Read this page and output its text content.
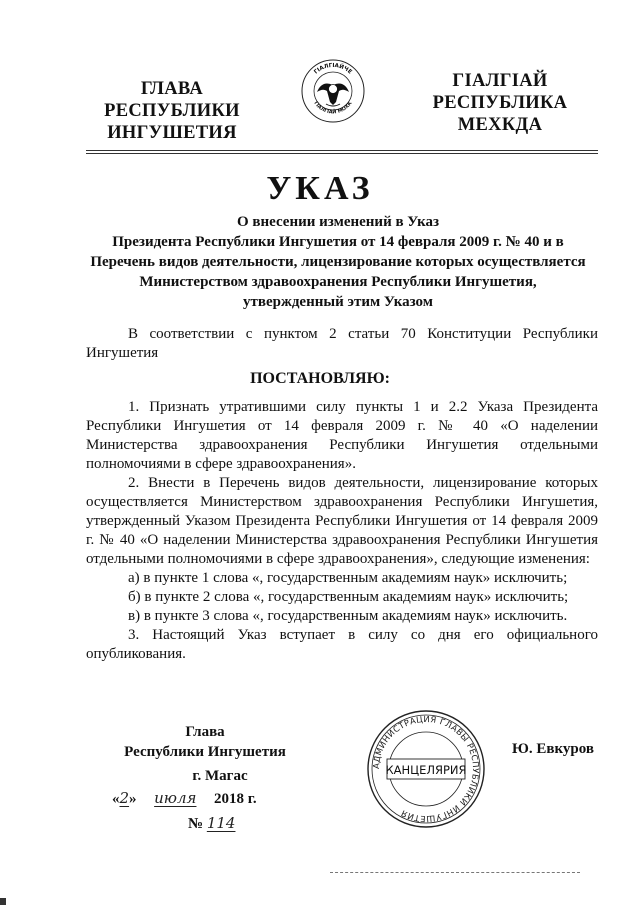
ГЛАВА
РЕСПУБЛИКИ
ИНГУШЕТИЯ
ГIАЛГIАЙЧЕ
ГIАЛГIАЙ МОХК
ГIАЛГIАЙ
РЕСПУБЛИКА
МЕХКДА
УКАЗ
О внесении изменений в Указ
Президента Республики Ингушетия от 14 февраля 2009 г. № 40 и в
Перечень видов деятельности, лицензирование которых осуществляется
Министерством здравоохранения Республики Ингушетия,
утвержденный этим Указом

В соответствии с пунктом 2 статьи 70 Конституции Республики Ингушетия

ПОСТАНОВЛЯЮ:

1. Признать утратившими силу пункты 1 и 2.2 Указа Президента Республики Ингушетия от 14 февраля 2009 г. № 40 «О наделении Министерства здравоохранения Республики Ингушетия отдельными полномочиями в сфере здравоохранения».

2. Внести в Перечень видов деятельности, лицензирование которых осуществляется Министерством здравоохранения Республики Ингушетия, утвержденный Указом Президента Республики Ингушетия от 14 февраля 2009 г. № 40 «О наделении Министерства здравоохранения Республики Ингушетия отдельными полномочиями в сфере здравоохранения», следующие изменения:

а) в пункте 1 слова «, государственным академиям наук» исключить;

б) в пункте 2 слова «, государственным академиям наук» исключить;

в) в пункте 3 слова «, государственным академиям наук» исключить.

3. Настоящий Указ вступает в силу со дня его официального опубликования.

Глава
Республики Ингушетия
г. Магас
«2» июля 2018 г.
№ 114
АДМИНИСТРАЦИЯ ГЛАВЫ РЕСПУБЛИКИ ИНГУШЕТИЯ
КАНЦЕЛЯРИЯ
Ю. Евкуров
